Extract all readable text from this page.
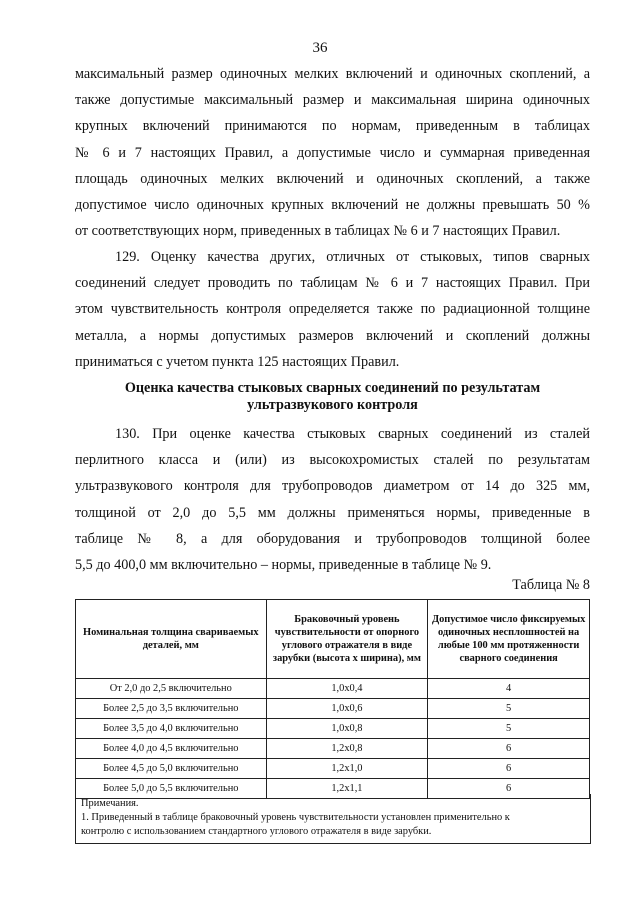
36

максимальный размер одиночных мелких включений и одиночных скоплений, а

также допустимые максимальный размер и максимальная ширина одиночных

крупных включений принимаются по нормам, приведенным в таблицах

№ 6 и 7 настоящих Правил, а допустимые число и суммарная приведенная

площадь одиночных мелких включений и одиночных скоплений, а также

допустимое число одиночных крупных включений не должны превышать 50 %

от соответствующих норм, приведенных в таблицах № 6 и 7 настоящих Правил.

129. Оценку качества других, отличных от стыковых, типов сварных

соединений следует проводить по таблицам № 6 и 7 настоящих Правил. При

этом чувствительность контроля определяется также по радиационной толщине

металла, а нормы допустимых размеров включений и скоплений должны

приниматься с учетом пункта 125 настоящих Правил.

Оценка качества стыковых сварных соединений по результатам
ультразвукового контроля

130. При оценке качества стыковых сварных соединений из сталей

перлитного класса и (или) из высокохромистых сталей по результатам

ультразвукового контроля для трубопроводов диаметром от 14 до 325 мм,

толщиной от 2,0 до 5,5 мм должны применяться нормы, приведенные в

таблице № 8, а для оборудования и трубопроводов толщиной более

5,5 до 400,0 мм включительно – нормы, приведенные в таблице № 9.

Таблица № 8
Номинальная толщина свариваемых деталей, мм	Браковочный уровень чувствительности от опорного углового отражателя в виде зарубки (высота х ширина), мм	Допустимое число фиксируемых одиночных несплошностей на любые 100 мм протяженности сварного соединения
От 2,0 до 2,5 включительно	1,0x0,4	4
Более 2,5 до 3,5 включительно	1,0x0,6	5
Более 3,5 до 4,0 включительно	1,0x0,8	5
Более 4,0 до 4,5 включительно	1,2x0,8	6
Более 4,5 до 5,0 включительно	1,2x1,0	6
Более 5,0 до 5,5 включительно	1,2x1,1	6
Примечания.
1. Приведенный в таблице браковочный уровень чувствительности установлен применительно к
контролю с использованием стандартного углового отражателя в виде зарубки.
